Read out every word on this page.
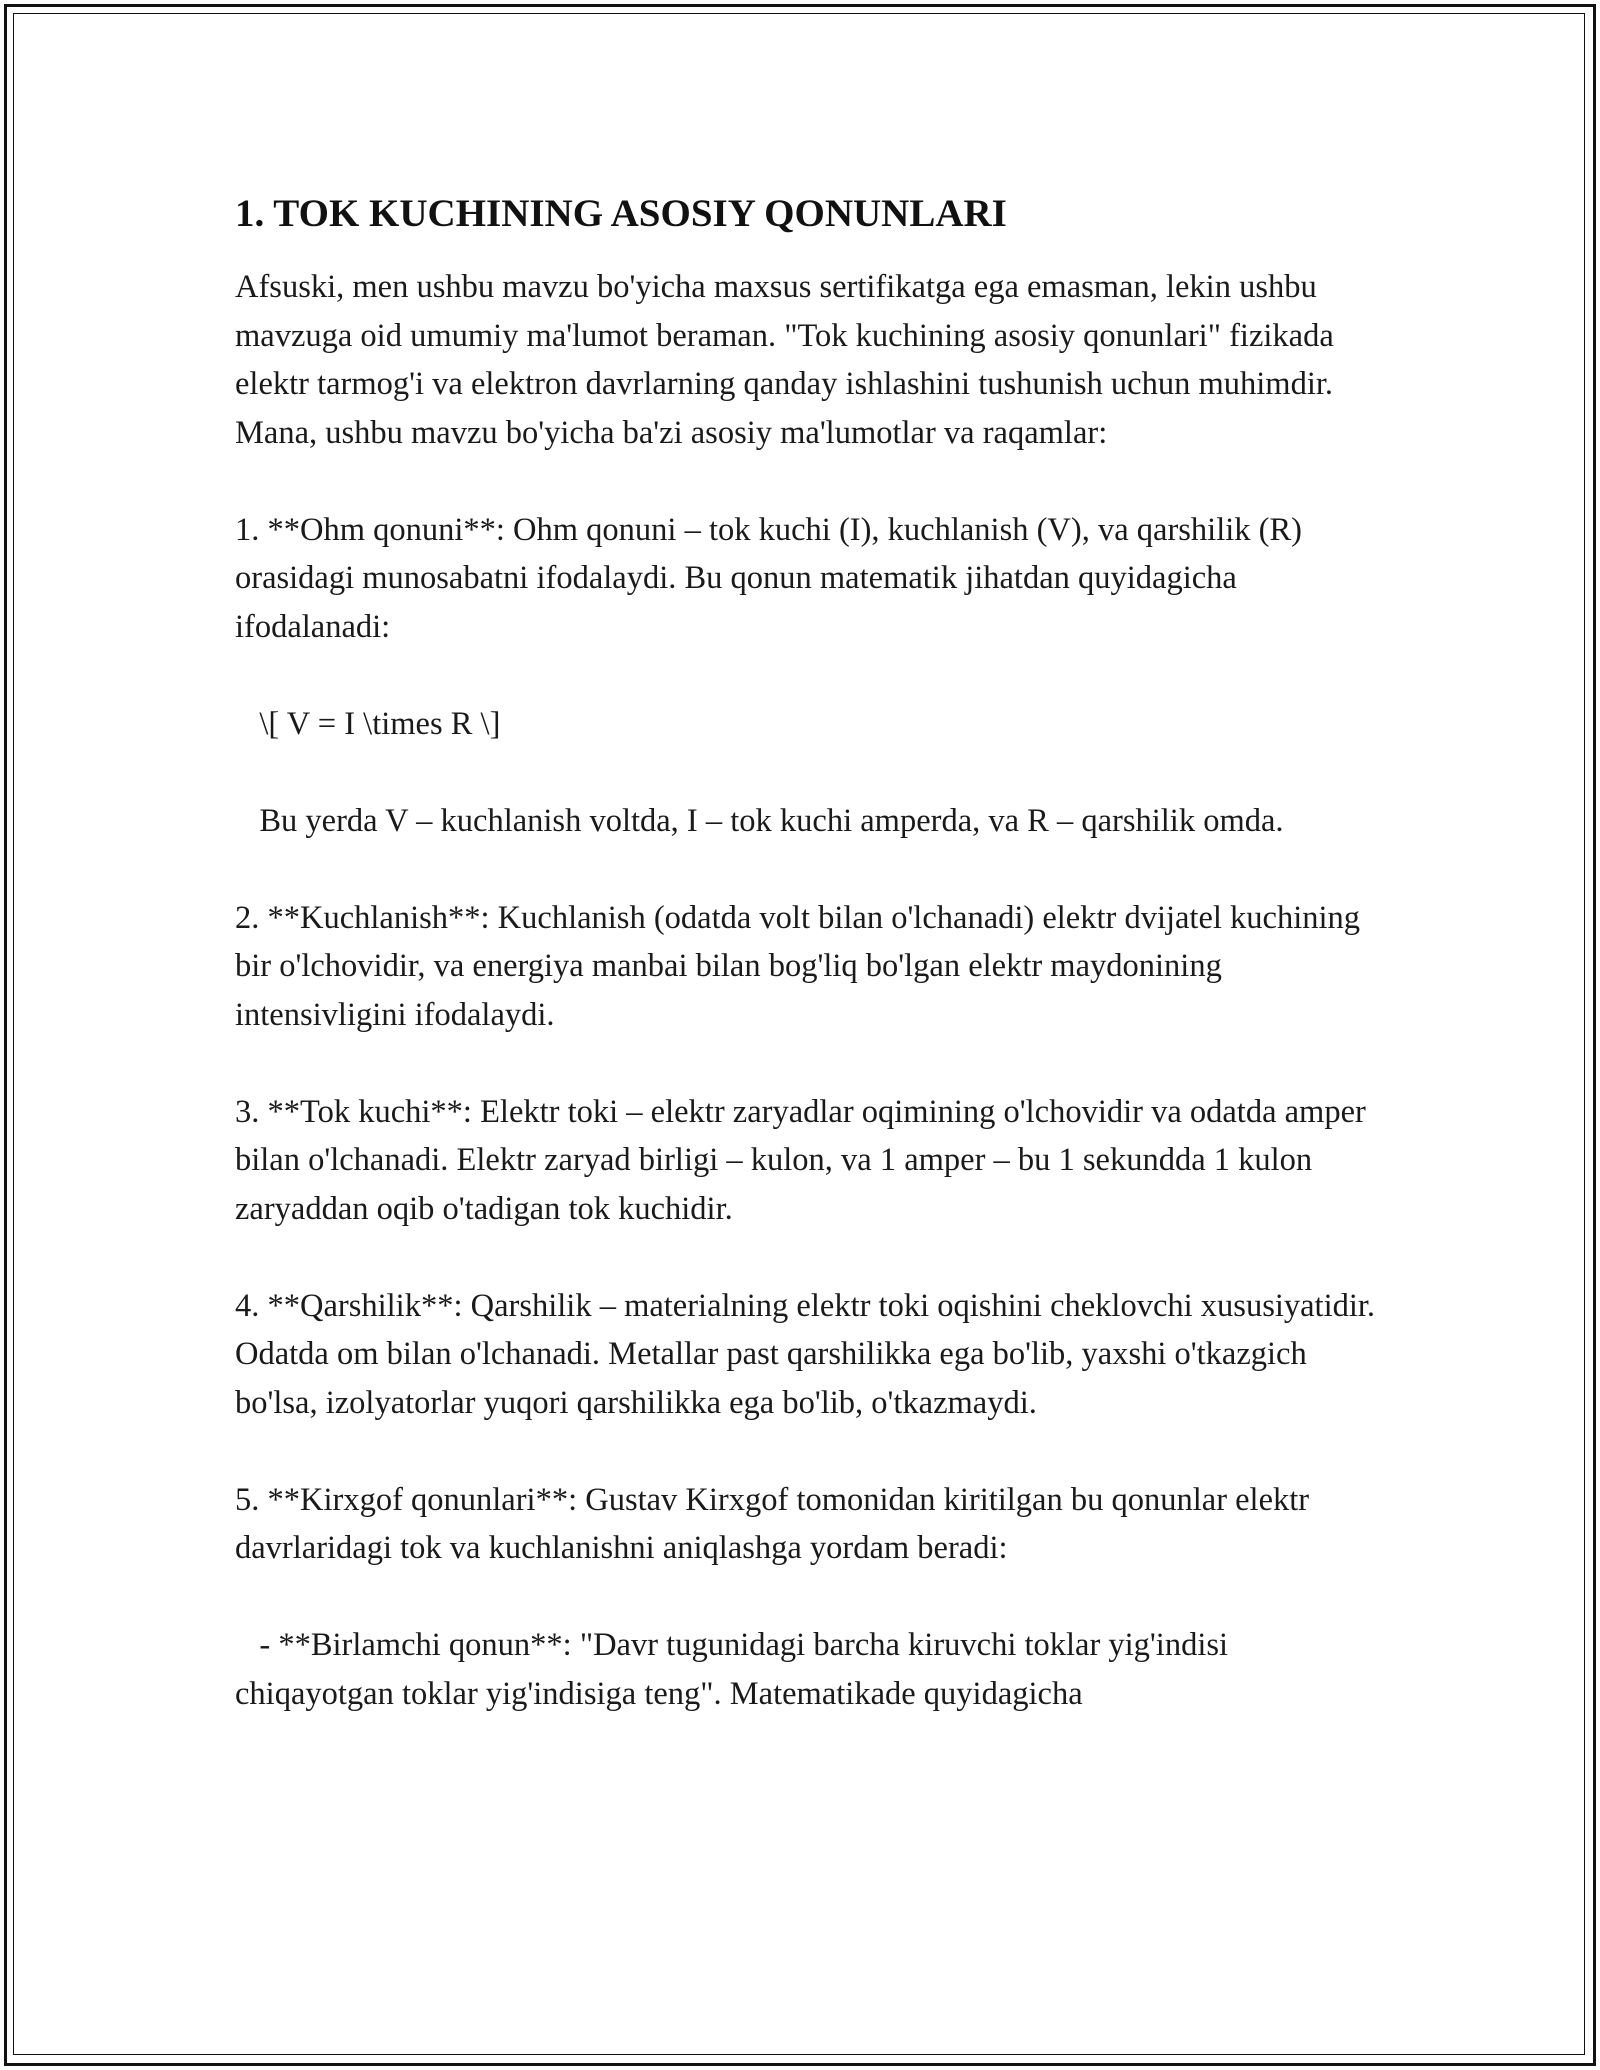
1. TOK KUCHINING ASOSIY QONUNLARI

Afsuski, men ushbu mavzu bo'yicha maxsus sertifikatga ega emasman, lekin ushbu mavzuga oid umumiy ma'lumot beraman. "Tok kuchining asosiy qonunlari" fizikada elektr tarmog'i va elektron davrlarning qanday ishlashini tushunish uchun muhimdir. Mana, ushbu mavzu bo'yicha ba'zi asosiy ma'lumotlar va raqamlar:

1. **Ohm qonuni**: Ohm qonuni – tok kuchi (I), kuchlanish (V), va qarshilik (R) orasidagi munosabatni ifodalaydi. Bu qonun matematik jihatdan quyidagicha ifodalanadi:

\[ V = I \times R \]

Bu yerda V – kuchlanish voltda, I – tok kuchi amperda, va R – qarshilik omda.

2. **Kuchlanish**: Kuchlanish (odatda volt bilan o'lchanadi) elektr dvijatel kuchining bir o'lchovidir, va energiya manbai bilan bog'liq bo'lgan elektr maydonining intensivligini ifodalaydi.

3. **Tok kuchi**: Elektr toki – elektr zaryadlar oqimining o'lchovidir va odatda amper bilan o'lchanadi. Elektr zaryad birligi – kulon, va 1 amper – bu 1 sekundda 1 kulon zaryaddan oqib o'tadigan tok kuchidir.

4. **Qarshilik**: Qarshilik – materialning elektr toki oqishini cheklovchi xususiyatidir. Odatda om bilan o'lchanadi. Metallar past qarshilikka ega bo'lib, yaxshi o'tkazgich bo'lsa, izolyatorlar yuqori qarshilikka ega bo'lib, o'tkazmaydi.

5. **Kirxgof qonunlari**: Gustav Kirxgof tomonidan kiritilgan bu qonunlar elektr davrlaridagi tok va kuchlanishni aniqlashga yordam beradi:

- **Birlamchi qonun**: "Davr tugunidagi barcha kiruvchi toklar yig'indisi chiqayotgan toklar yig'indisiga teng". Matematikade quyidagicha
